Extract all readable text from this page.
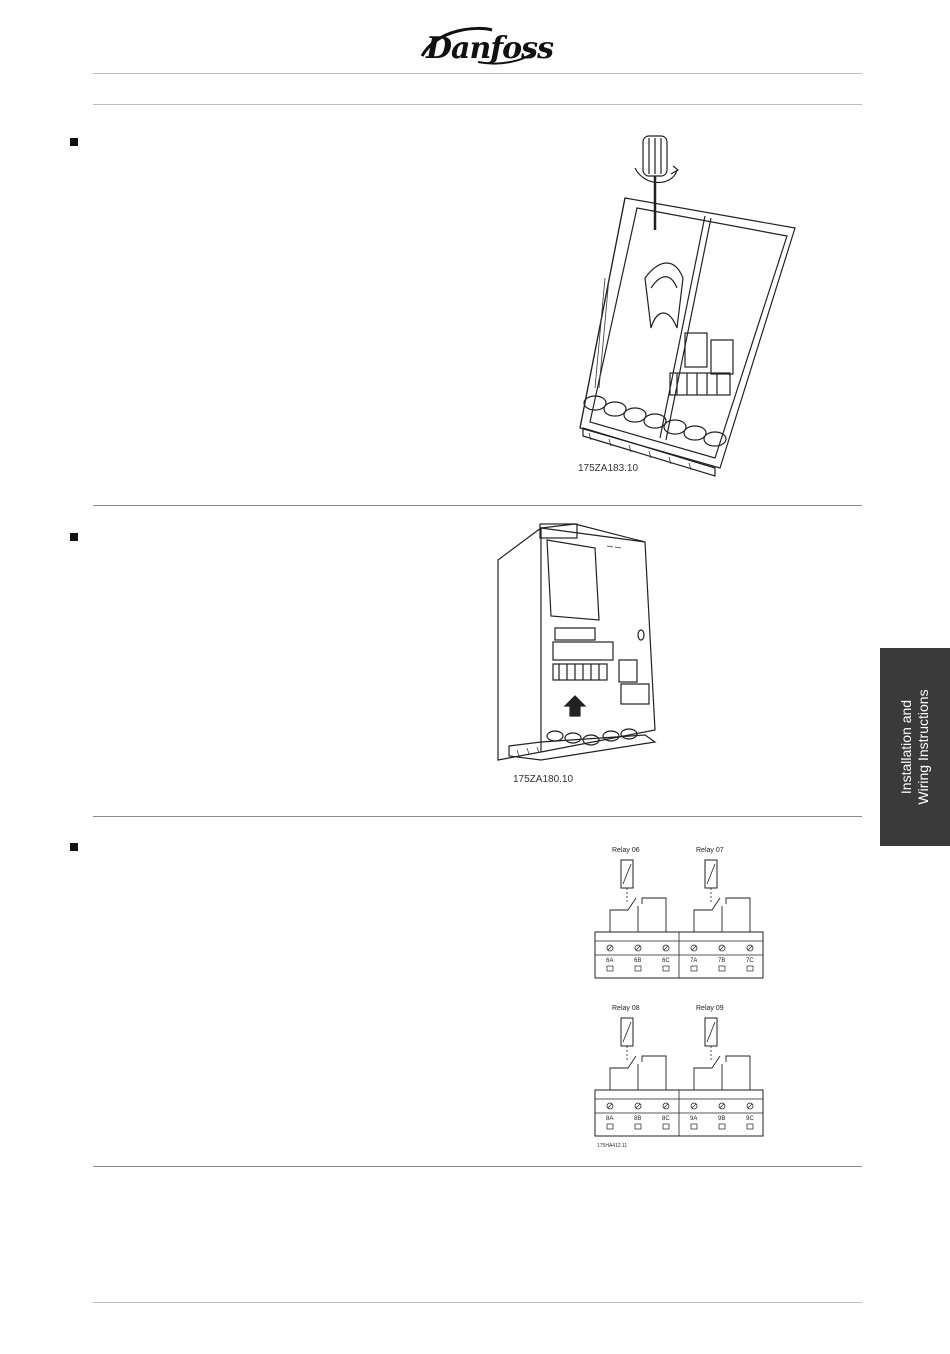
Danfoss
175ZA183.10
175ZA180.10
Relay 06
6A	6B	6C
Relay 07
7A	7B	7C
Relay 08
8A	8B	8C
Relay 09
9A	9B	9C
175HA412.11
Installation and Wiring Instructions
